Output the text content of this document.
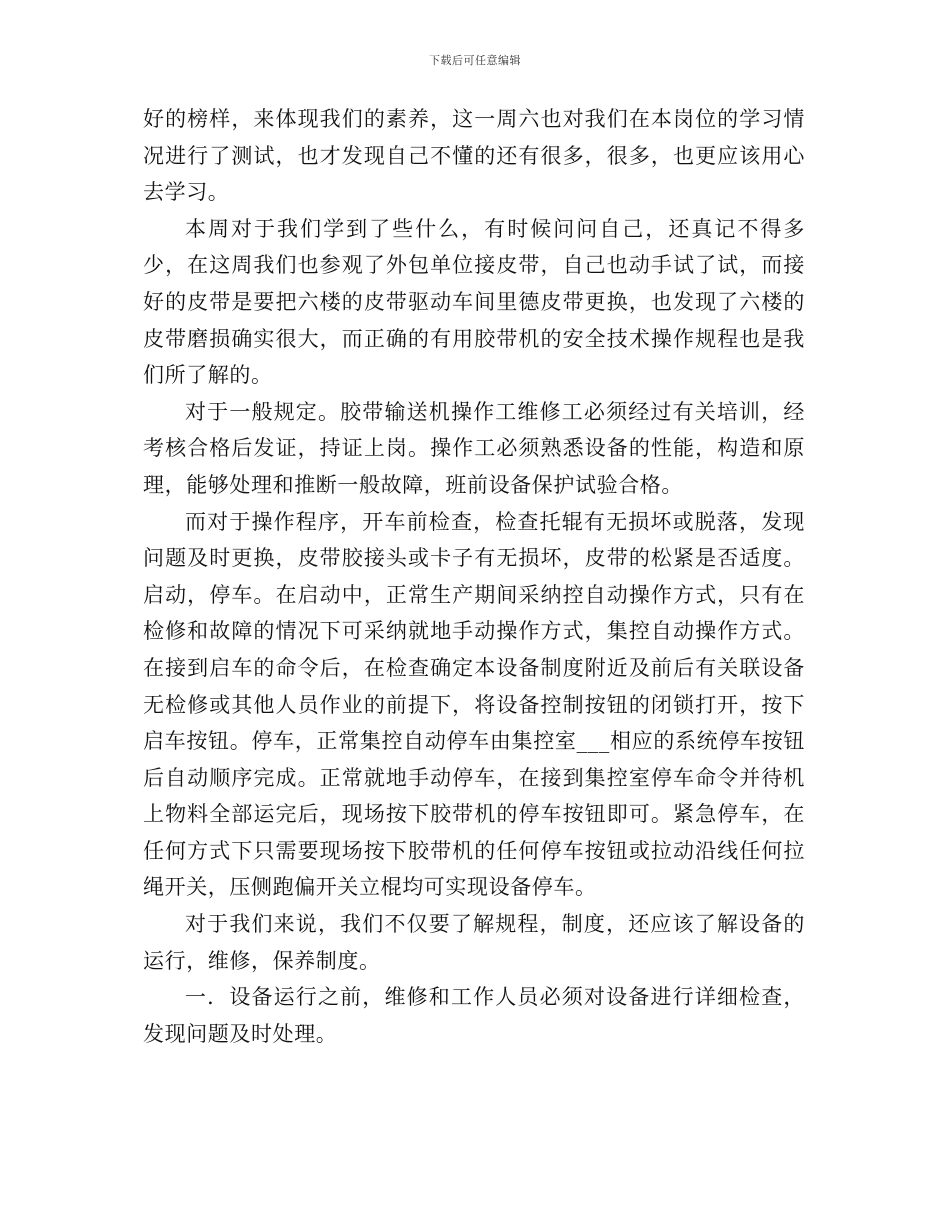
下载后可任意编辑

好的榜样，来体现我们的素养，这一周六也对我们在本岗位的学习情况进行了测试，也才发现自己不懂的还有很多，很多，也更应该用心去学习。

本周对于我们学到了些什么，有时候问问自己，还真记不得多少，在这周我们也参观了外包单位接皮带，自己也动手试了试，而接好的皮带是要把六楼的皮带驱动车间里德皮带更换，也发现了六楼的皮带磨损确实很大，而正确的有用胶带机的安全技术操作规程也是我们所了解的。

对于一般规定。胶带输送机操作工维修工必须经过有关培训，经考核合格后发证，持证上岗。操作工必须熟悉设备的性能，构造和原理，能够处理和推断一般故障，班前设备保护试验合格。

而对于操作程序，开车前检查，检查托辊有无损坏或脱落，发现问题及时更换，皮带胶接头或卡子有无损坏，皮带的松紧是否适度。启动，停车。在启动中，正常生产期间采纳控自动操作方式，只有在检修和故障的情况下可采纳就地手动操作方式，集控自动操作方式。在接到启车的命令后，在检查确定本设备制度附近及前后有关联设备无检修或其他人员作业的前提下，将设备控制按钮的闭锁打开，按下启车按钮。停车，正常集控自动停车由集控室___相应的系统停车按钮后自动顺序完成。正常就地手动停车，在接到集控室停车命令并待机上物料全部运完后，现场按下胶带机的停车按钮即可。紧急停车，在任何方式下只需要现场按下胶带机的任何停车按钮或拉动沿线任何拉绳开关，压侧跑偏开关立棍均可实现设备停车。

对于我们来说，我们不仅要了解规程，制度，还应该了解设备的运行，维修，保养制度。

一．设备运行之前，维修和工作人员必须对设备进行详细检查，发现问题及时处理。
